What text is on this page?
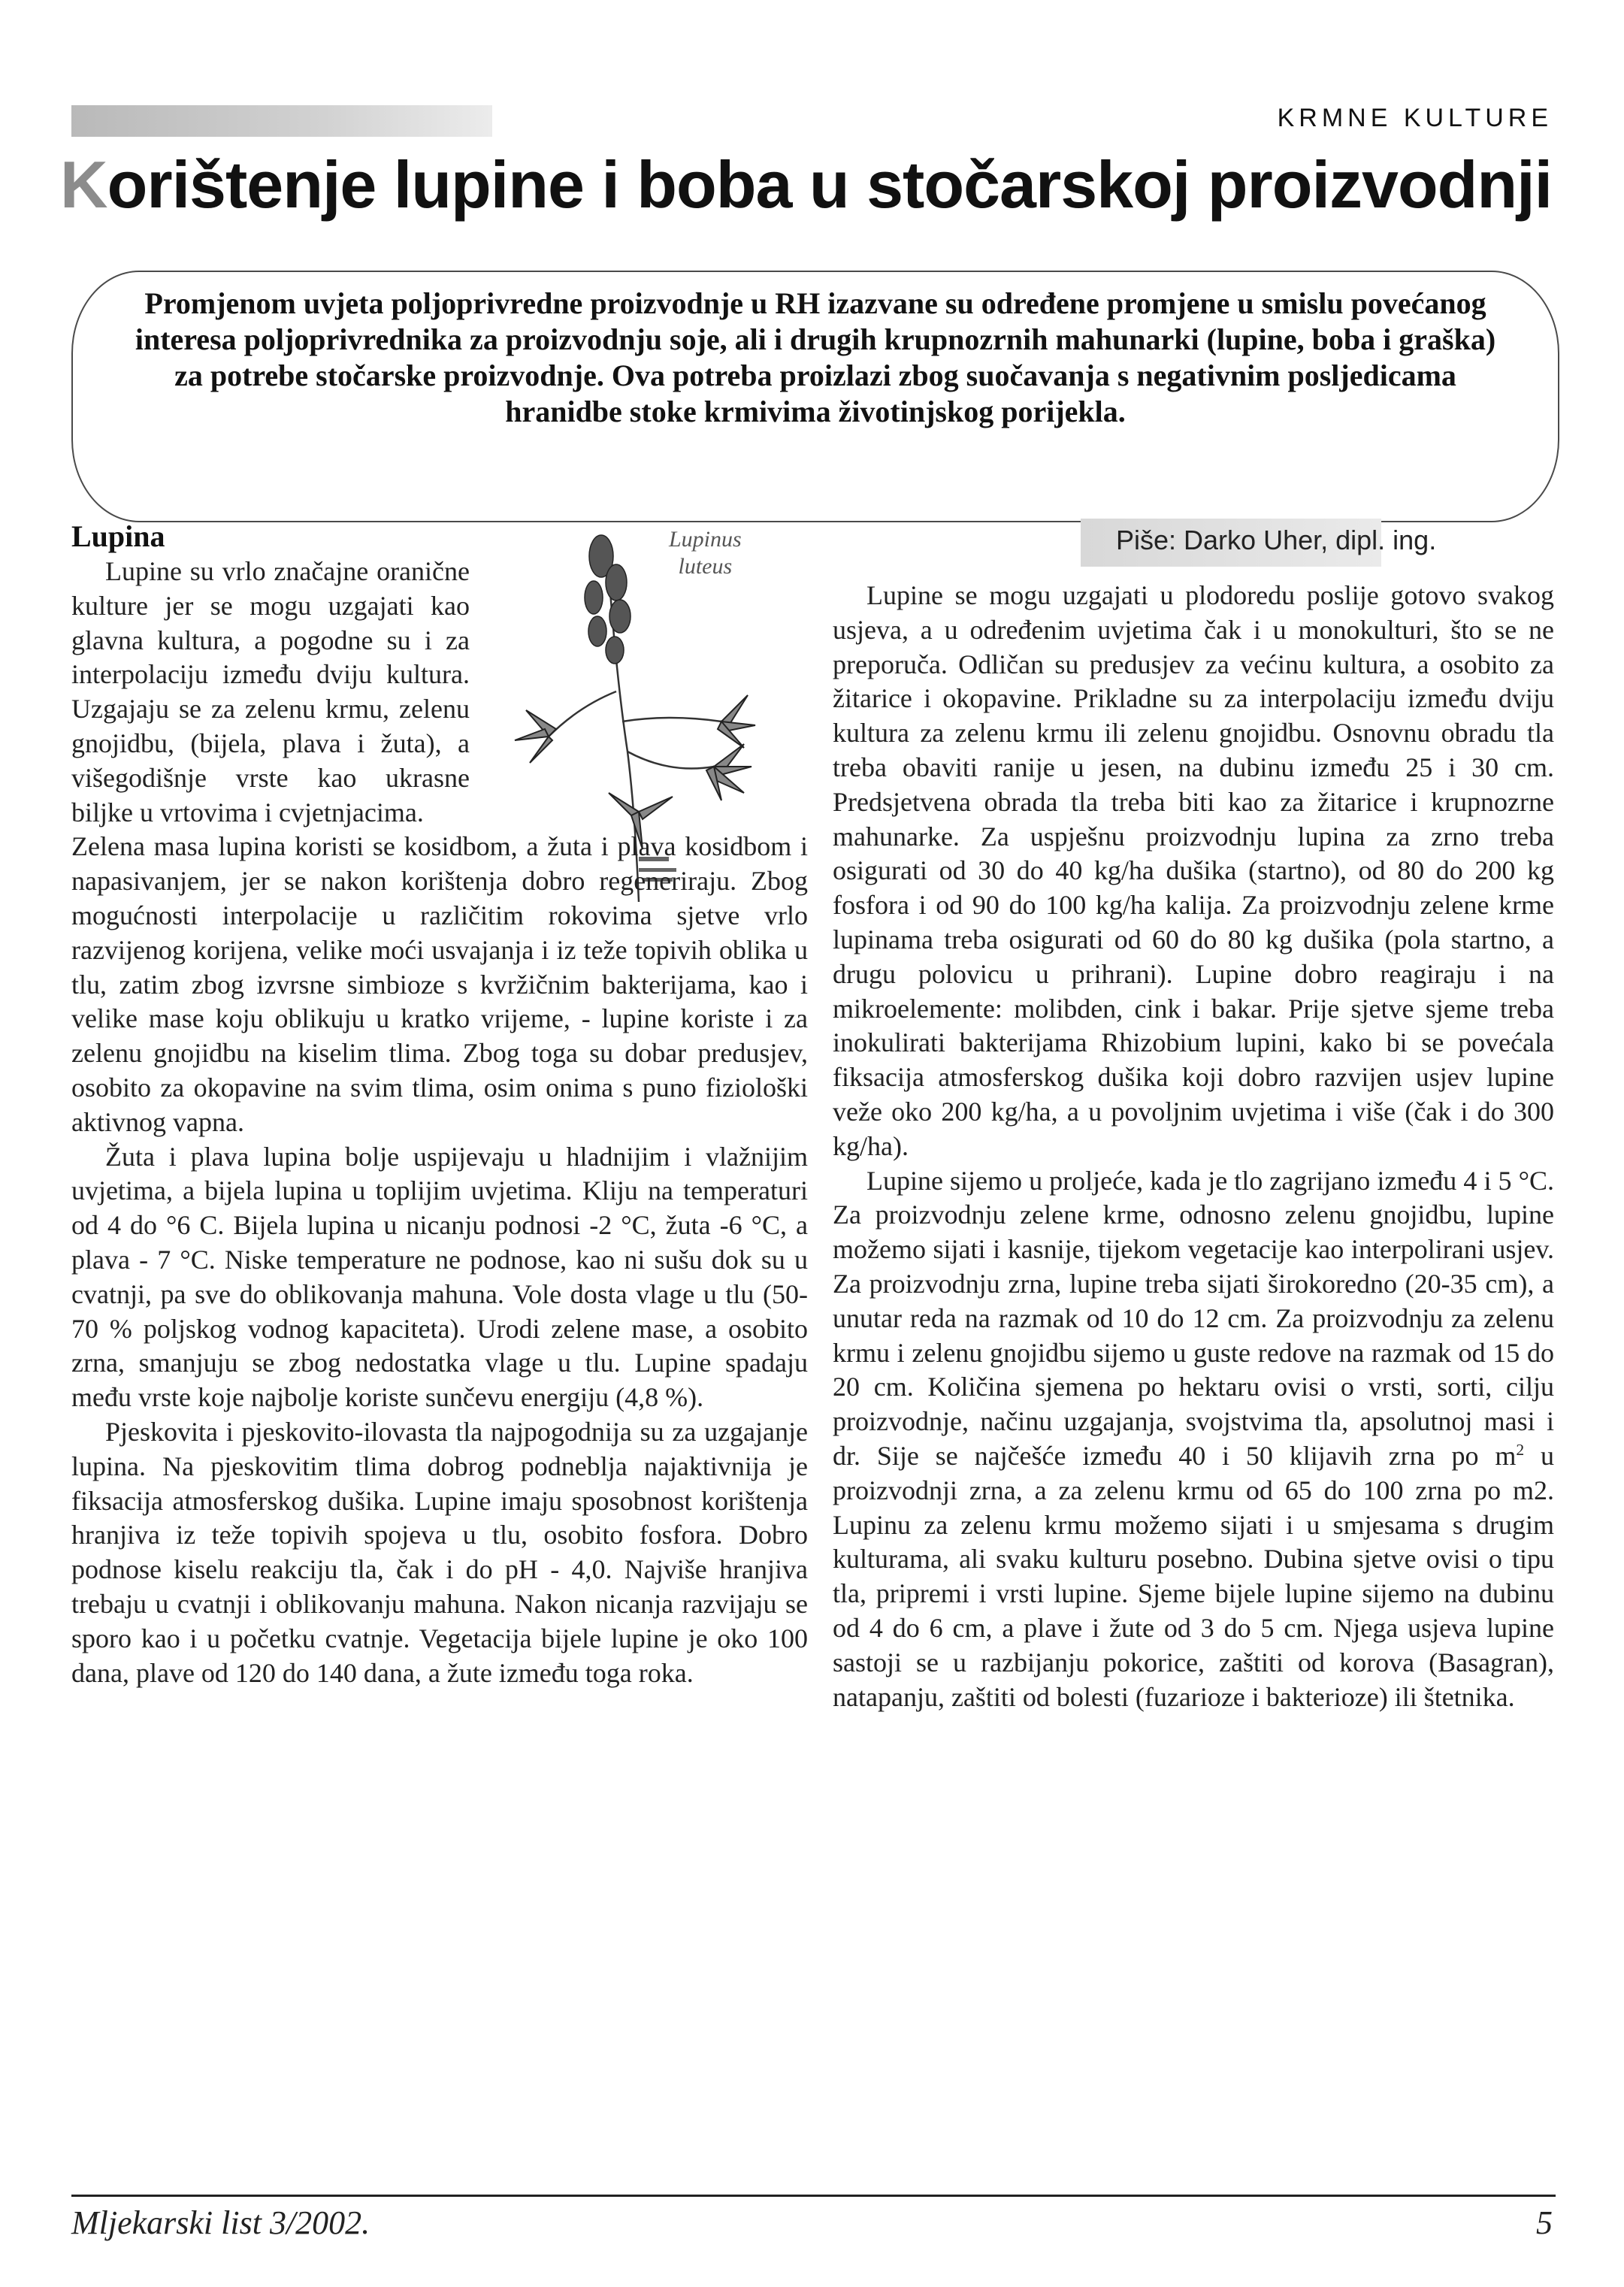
KRMNE KULTURE
Korištenje lupine i boba u stočarskoj proizvodnji
Promjenom uvjeta poljoprivredne proizvodnje u RH izazvane su određene promjene u smislu povećanog interesa poljoprivrednika za proizvodnju soje, ali i drugih krupnozrnih mahunarki (lupine, boba i graška) za potrebe stočarske proizvodnje. Ova potreba proizlazi zbog suočavanja s negativnim posljedicama hranidbe stoke krmivima životinjskog porijekla.
Lupinus
luteus
Piše: Darko Uher, dipl. ing.
Lupina

Lupine su vrlo značajne oranične kulture jer se mogu uzgajati kao glavna kultura, a pogodne su i za interpolaciju između dviju kultura. Uzgajaju se za zelenu krmu, zelenu gnojidbu, (bijela, plava i žuta), a višegodišnje vrste kao ukrasne biljke u vrtovima i cvjetnjacima.

Zelena masa lupina koristi se kosidbom, a žuta i plava kosidbom i napasivanjem, jer se nakon korištenja dobro regeneriraju. Zbog mogućnosti interpolacije u različitim rokovima sjetve vrlo razvijenog korijena, velike moći usvajanja i iz teže topivih oblika u tlu, zatim zbog izvrsne simbioze s kvržičnim bakterijama, kao i velike mase koju oblikuju u kratko vrijeme, - lupine koriste i za zelenu gnojidbu na kiselim tlima. Zbog toga su dobar predusjev, osobito za okopavine na svim tlima, osim onima s puno fiziološki aktivnog vapna.

Žuta i plava lupina bolje uspijevaju u hladnijim i vlažnijim uvjetima, a bijela lupina u toplijim uvjetima. Kliju na temperaturi od 4 do °6 C. Bijela lupina u nicanju podnosi -2 °C, žuta -6 °C, a plava - 7 °C. Niske temperature ne podnose, kao ni sušu dok su u cvatnji, pa sve do oblikovanja mahuna. Vole dosta vlage u tlu (50-70 % poljskog vodnog kapaciteta). Urodi zelene mase, a osobito zrna, smanjuju se zbog nedostatka vlage u tlu. Lupine spadaju među vrste koje najbolje koriste sunčevu energiju (4,8 %).

Pjeskovita i pjeskovito-ilovasta tla najpogodnija su za uzgajanje lupina. Na pjeskovitim tlima dobrog podneblja najaktivnija je fiksacija atmosferskog dušika. Lupine imaju sposobnost korištenja hranjiva iz teže topivih spojeva u tlu, osobito fosfora. Dobro podnose kiselu reakciju tla, čak i do pH - 4,0. Najviše hranjiva trebaju u cvatnji i oblikovanju mahuna. Nakon nicanja razvijaju se sporo kao i u početku cvatnje. Vegetacija bijele lupine je oko 100 dana, plave od 120 do 140 dana, a žute između toga roka.

Lupine se mogu uzgajati u plodoredu poslije gotovo svakog usjeva, a u određenim uvjetima čak i u monokulturi, što se ne preporuča. Odličan su predusjev za većinu kultura, a osobito za žitarice i okopavine. Prikladne su za interpolaciju između dviju kultura za zelenu krmu ili zelenu gnojidbu. Osnovnu obradu tla treba obaviti ranije u jesen, na dubinu između 25 i 30 cm. Predsjetvena obrada tla treba biti kao za žitarice i krupnozrne mahunarke. Za uspješnu proizvodnju lupina za zrno treba osigurati od 30 do 40 kg/ha dušika (startno), od 80 do 200 kg fosfora i od 90 do 100 kg/ha kalija. Za proizvodnju zelene krme lupinama treba osigurati od 60 do 80 kg dušika (pola startno, a drugu polovicu u prihrani). Lupine dobro reagiraju i na mikroelemente: molibden, cink i bakar. Prije sjetve sjeme treba inokulirati bakterijama Rhizobium lupini, kako bi se povećala fiksacija atmosferskog dušika koji dobro razvijen usjev lupine veže oko 200 kg/ha, a u povoljnim uvjetima i više (čak i do 300 kg/ha).

Lupine sijemo u proljeće, kada je tlo zagrijano između 4 i 5 °C. Za proizvodnju zelene krme, odnosno zelenu gnojidbu, lupine možemo sijati i kasnije, tijekom vegetacije kao interpolirani usjev. Za proizvodnju zrna, lupine treba sijati širokoredno (20-35 cm), a unutar reda na razmak od 10 do 12 cm. Za proizvodnju za zelenu krmu i zelenu gnojidbu sijemo u guste redove na razmak od 15 do 20 cm. Količina sjemena po hektaru ovisi o vrsti, sorti, cilju proizvodnje, načinu uzgajanja, svojstvima tla, apsolutnoj masi i dr. Sije se najčešće između 40 i 50 klijavih zrna po $m^2$ u proizvodnji zrna, a za zelenu krmu od 65 do 100 zrna po m2. Lupinu za zelenu krmu možemo sijati i u smjesama s drugim kulturama, ali svaku kulturu posebno. Dubina sjetve ovisi o tipu tla, pripremi i vrsti lupine. Sjeme bijele lupine sijemo na dubinu od 4 do 6 cm, a plave i žute od 3 do 5 cm. Njega usjeva lupine sastoji se u razbijanju pokorice, zaštiti od korova (Basagran), natapanju, zaštiti od bolesti (fuzarioze i bakterioze) ili štetnika.

Mljekarski list 3/2002.	5
